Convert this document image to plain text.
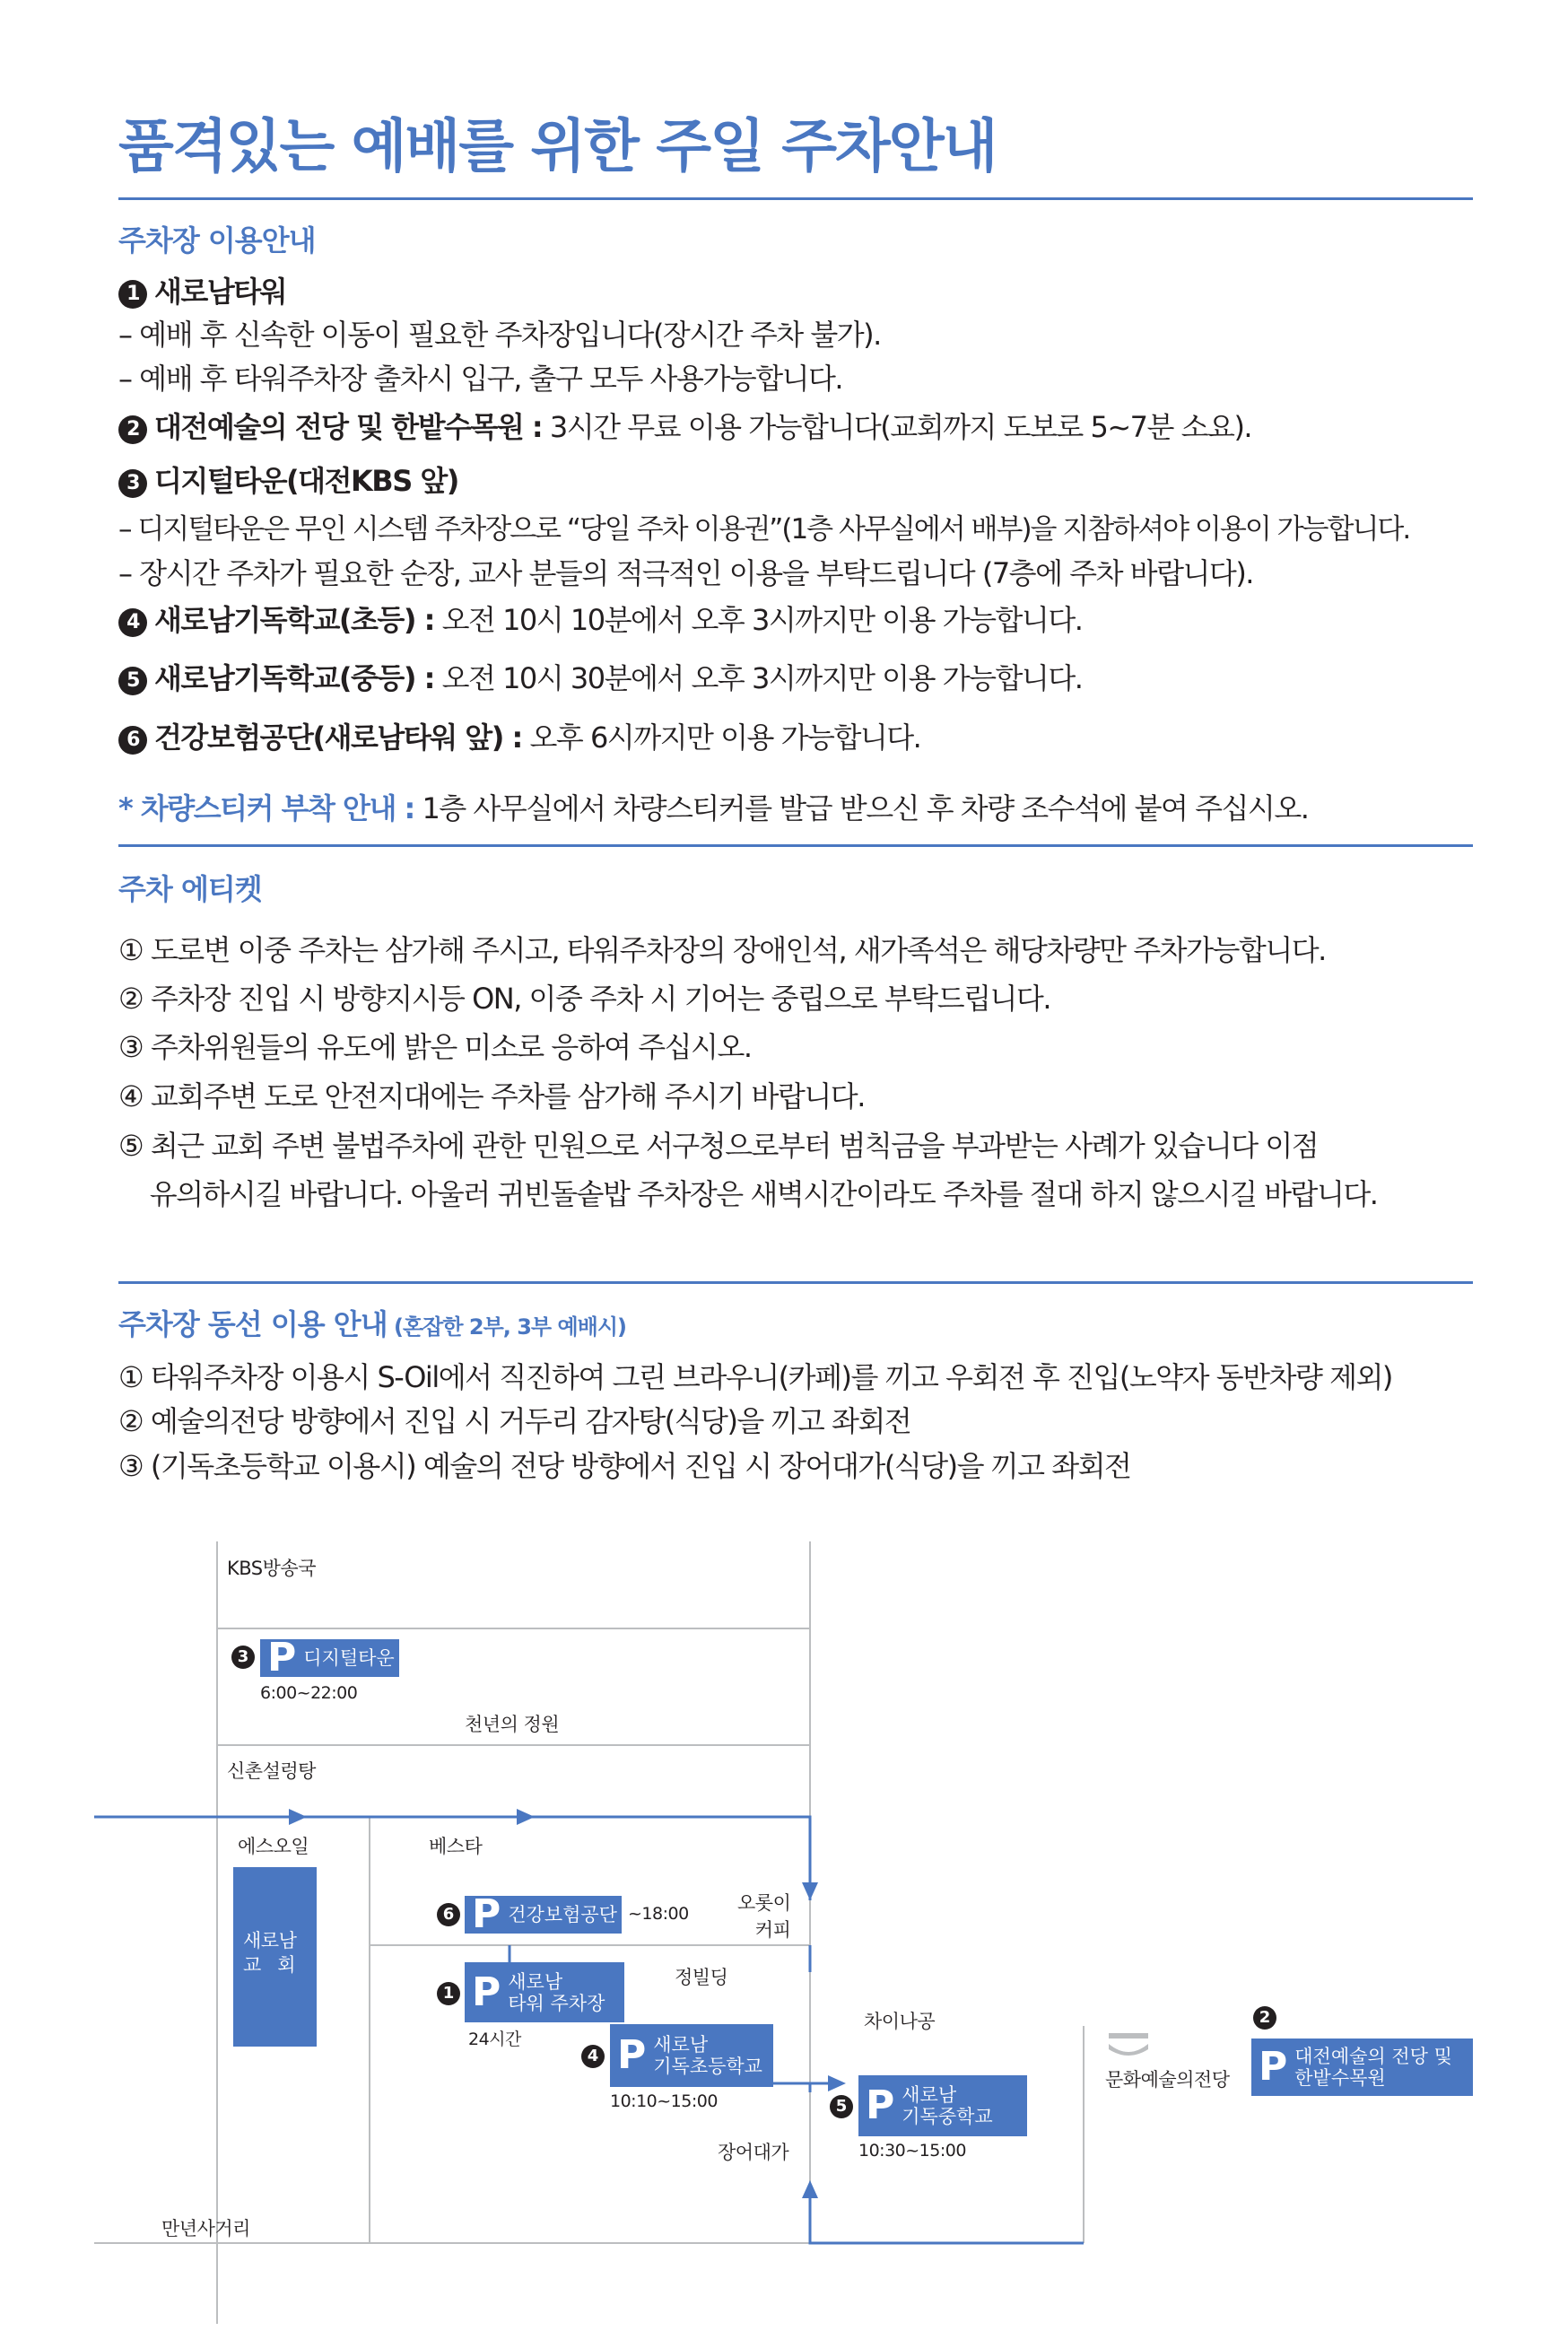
품격있는 예배를 위한 주일 주차안내
주차장 이용안내
1 새로남타워
– 예배 후 신속한 이동이 필요한 주차장입니다(장시간 주차 불가).
– 예배 후 타워주차장 출차시 입구, 출구 모두 사용가능합니다.
2 대전예술의 전당 및 한밭수목원 : 3시간 무료 이용 가능합니다(교회까지 도보로 5~7분 소요).
3 디지털타운(대전KBS 앞)
– 디지털타운은 무인 시스템 주차장으로 “당일 주차 이용권”(1층 사무실에서 배부)을 지참하셔야 이용이 가능합니다.
– 장시간 주차가 필요한 순장, 교사 분들의 적극적인 이용을 부탁드립니다 (7층에 주차 바랍니다).
4 새로남기독학교(초등) : 오전 10시 10분에서 오후 3시까지만 이용 가능합니다.
5 새로남기독학교(중등) : 오전 10시 30분에서 오후 3시까지만 이용 가능합니다.
6 건강보험공단(새로남타워 앞) : 오후 6시까지만 이용 가능합니다.
* 차량스티커 부착 안내 : 1층 사무실에서 차량스티커를 발급 받으신 후 차량 조수석에 붙여 주십시오.
주차 에티켓
① 도로변 이중 주차는 삼가해 주시고, 타워주차장의 장애인석, 새가족석은 해당차량만 주차가능합니다.
② 주차장 진입 시 방향지시등 ON, 이중 주차 시 기어는 중립으로 부탁드립니다.
③ 주차위원들의 유도에 밝은 미소로 응하여 주십시오.
④ 교회주변 도로 안전지대에는 주차를 삼가해 주시기 바랍니다.
⑤ 최근 교회 주변 불법주차에 관한 민원으로 서구청으로부터 범칙금을 부과받는 사례가 있습니다 이점
유의하시길 바랍니다. 아울러 귀빈돌솥밥 주차장은 새벽시간이라도 주차를 절대 하지 않으시길 바랍니다.
주차장 동선 이용 안내 (혼잡한 2부, 3부 예배시)
① 타워주차장 이용시 S-Oil에서 직진하여 그린 브라우니(카페)를 끼고 우회전 후 진입(노약자 동반차량 제외)
② 예술의전당 방향에서 진입 시 거두리 감자탕(식당)을 끼고 좌회전
③ (기독초등학교 이용시) 예술의 전당 방향에서 진입 시 장어대가(식당)을 끼고 좌회전
KBS방송국
천년의 정원
신촌설렁탕
에스오일	베스타
새로남
교   회
오롯이
커피
정빌딩
차이나공
장어대가
문화예술의전당
만년사거리
3 P 디지털타운
6:00~22:00
6 P 건강보험공단 ~18:00
1 P 새로남
타워 주차장
24시간
4 P 새로남
기독초등학교
10:10~15:00	5 P 새로남
기독중학교
10:30~15:00
2
P 대전예술의 전당 및
한밭수목원
